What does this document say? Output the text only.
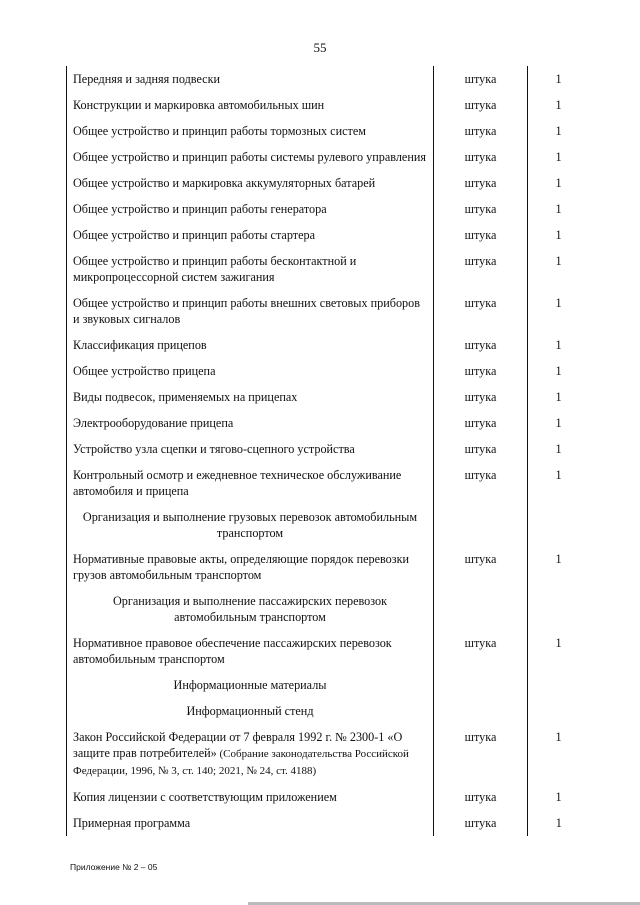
55
Передняя и задняя подвески	штука	1
Конструкции и маркировка автомобильных шин	штука	1
Общее устройство и принцип работы тормозных систем	штука	1
Общее устройство и принцип работы системы рулевого управления	штука	1
Общее устройство и маркировка аккумуляторных батарей	штука	1
Общее устройство и принцип работы генератора	штука	1
Общее устройство и принцип работы стартера	штука	1
Общее устройство и принцип работы бесконтактной и микропроцессорной систем зажигания	штука	1
Общее устройство и принцип работы внешних световых приборов и звуковых сигналов	штука	1
Классификация прицепов	штука	1
Общее устройство прицепа	штука	1
Виды подвесок, применяемых на прицепах	штука	1
Электрооборудование прицепа	штука	1
Устройство узла сцепки и тягово-сцепного устройства	штука	1
Контрольный осмотр и ежедневное техническое обслуживание автомобиля и прицепа	штука	1
Организация и выполнение грузовых перевозок автомобильным транспортом		
Нормативные правовые акты, определяющие порядок перевозки грузов автомобильным транспортом	штука	1
Организация и выполнение пассажирских перевозок автомобильным транспортом		
Нормативное правовое обеспечение пассажирских перевозок автомобильным транспортом	штука	1
Информационные материалы		
Информационный стенд		
Закон Российской Федерации от 7 февраля 1992 г. № 2300-1 «О защите прав потребителей» (Собрание законодательства Российской Федерации, 1996, № 3, ст. 140; 2021, № 24, ст. 4188)	штука	1
Копия лицензии с соответствующим приложением	штука	1
Примерная программа	штука	1
Приложение № 2 – 05
